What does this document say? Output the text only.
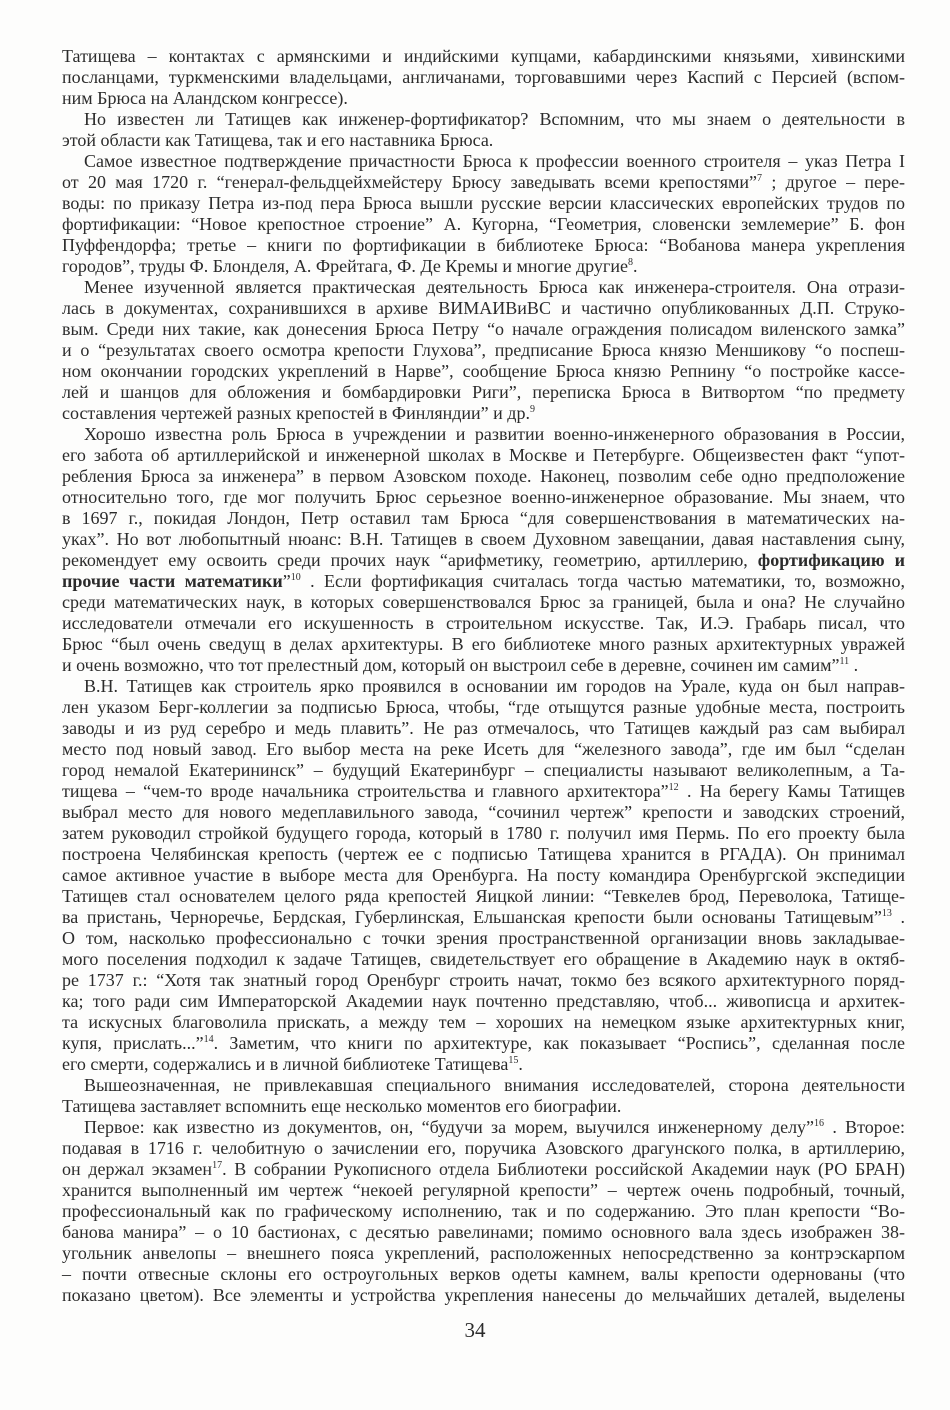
Татищева – контактах с армянскими и индийскими купцами, кабардинскими князьями, хивинскими
посланцами, туркменскими владельцами, англичанами, торговавшими через Каспий с Персией (вспом-
ним Брюса на Аландском конгрессе).
Но известен ли Татищев как инженер-фортификатор? Вспомним, что мы знаем о деятельности в
этой области как Татищева, так и его наставника Брюса.
Самое известное подтверждение причастности Брюса к профессии военного строителя – указ Петра I
от 20 мая 1720 г. “генерал-фельдцейхмейстеру Брюсу заведывать всеми крепостями”$^7$ ; другое – пере-
воды: по приказу Петра из-под пера Брюса вышли русские версии классических европейских трудов по
фортификации: “Новое крепостное строение” А. Кугорна, “Геометрия, словенски землемерие” Б. фон
Пуффендорфа; третье – книги по фортификации в библиотеке Брюса: “Вобанова манера укрепления
городов”, труды Ф. Блонделя, А. Фрейтага, Ф. Де Кремы и многие другие$^8$.
Менее изученной является практическая деятельность Брюса как инженера-строителя. Она отрази-
лась в документах, сохранившихся в архиве ВИМАИВиВС и частично опубликованных Д.П. Струко-
вым. Среди них такие, как донесения Брюса Петру “о начале ограждения полисадом виленского замка”
и о “результатах своего осмотра крепости Глухова”, предписание Брюса князю Меншикову “о поспеш-
ном окончании городских укреплений в Нарве”, сообщение Брюса князю Репнину “о постройке кассе-
лей и шанцов для обложения и бомбардировки Риги”, переписка Брюса в Витвортом “по предмету
составления чертежей разных крепостей в Финляндии” и др.$^9$
Хорошо известна роль Брюса в учреждении и развитии военно-инженерного образования в России,
его забота об артиллерийской и инженерной школах в Москве и Петербурге. Общеизвестен факт “упот-
ребления Брюса за инженера” в первом Азовском походе. Наконец, позволим себе одно предположение
относительно того, где мог получить Брюс серьезное военно-инженерное образование. Мы знаем, что
в 1697 г., покидая Лондон, Петр оставил там Брюса “для совершенствования в математических на-
уках”. Но вот любопытный нюанс: В.Н. Татищев в своем Духовном завещании, давая наставления сыну,
рекомендует ему освоить среди прочих наук “арифметику, геометрию, артиллерию, фортификацию и
прочие части математики”$^{10}$ . Если фортификация считалась тогда частью математики, то, возможно,
среди математических наук, в которых совершенствовался Брюс за границей, была и она? Не случайно
исследователи отмечали его искушенность в строительном искусстве. Так, И.Э. Грабарь писал, что
Брюс “был очень сведущ в делах архитектуры. В его библиотеке много разных архитектурных увражей
и очень возможно, что тот прелестный дом, который он выстроил себе в деревне, сочинен им самим”$^{11}$ .
В.Н. Татищев как строитель ярко проявился в основании им городов на Урале, куда он был направ-
лен указом Берг-коллегии за подписью Брюса, чтобы, “где отыщутся разные удобные места, построить
заводы и из руд серебро и медь плавить”. Не раз отмечалось, что Татищев каждый раз сам выбирал
место под новый завод. Его выбор места на реке Исеть для “железного завода”, где им был “сделан
город немалой Екатерининск” – будущий Екатеринбург – специалисты называют великолепным, а Та-
тищева – “чем-то вроде начальника строительства и главного архитектора”$^{12}$ . На берегу Камы Татищев
выбрал место для нового медеплавильного завода, “сочинил чертеж” крепости и заводских строений,
затем руководил стройкой будущего города, который в 1780 г. получил имя Пермь. По его проекту была
построена Челябинская крепость (чертеж ее с подписью Татищева хранится в РГАДА). Он принимал
самое активное участие в выборе места для Оренбурга. На посту командира Оренбургской экспедиции
Татищев стал основателем целого ряда крепостей Яицкой линии: “Тевкелев брод, Переволока, Татище-
ва пристань, Черноречье, Бердская, Губерлинская, Ельшанская крепости были основаны Татищевым”$^{13}$ .
О том, насколько профессионально с точки зрения пространственной организации вновь закладывае-
мого поселения подходил к задаче Татищев, свидетельствует его обращение в Академию наук в октяб-
ре 1737 г.: “Хотя так знатный город Оренбург строить начат, токмо без всякого архитектурного поряд-
ка; того ради сим Императорской Академии наук почтенно представляю, чтоб... живописца и архитек-
та искусных благоволила прискать, а между тем – хороших на немецком языке архитектурных книг,
купя, прислать...”$^{14}$. Заметим, что книги по архитектуре, как показывает “Роспись”, сделанная после
его смерти, содержались и в личной библиотеке Татищева$^{15}$.
Вышеозначенная, не привлекавшая специального внимания исследователей, сторона деятельности
Татищева заставляет вспомнить еще несколько моментов его биографии.
Первое: как известно из документов, он, “будучи за морем, выучился инженерному делу”$^{16}$ . Второе:
подавая в 1716 г. челобитную о зачислении его, поручика Азовского драгунского полка, в артиллерию,
он держал экзамен$^{17}$. В собрании Рукописного отдела Библиотеки российской Академии наук (РО БРАН)
хранится выполненный им чертеж “некоей регулярной крепости” – чертеж очень подробный, точный,
профессиональный как по графическому исполнению, так и по содержанию. Это план крепости “Во-
банова манира” – о 10 бастионах, с десятью равелинами; помимо основного вала здесь изображен 38-
угольник анвелопы – внешнего пояса укреплений, расположенных непосредственно за контрэскарпом
– почти отвесные склоны его остроугольных верков одеты камнем, валы крепости одернованы (что
показано цветом). Все элементы и устройства укрепления нанесены до мельчайших деталей, выделены
34
